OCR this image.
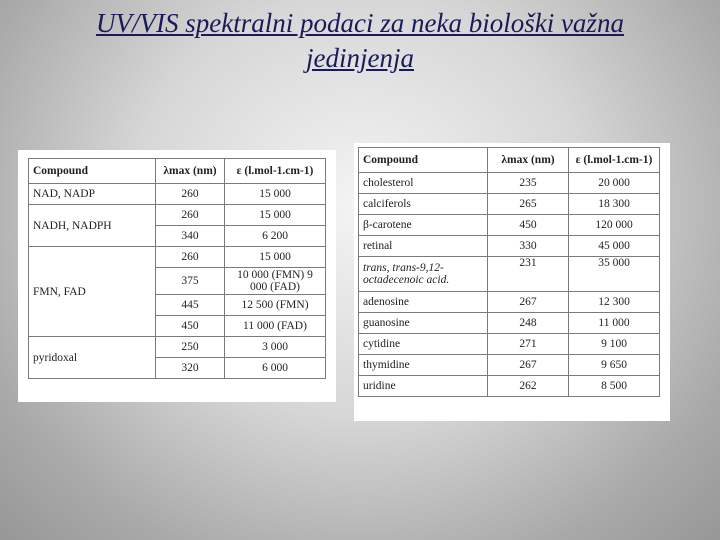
UV/VIS spektralni podaci za neka biološki važna jedinjenja
Compound	λmax (nm)	ε (l.mol-1.cm-1)
NAD, NADP	260	15 000
NADH, NADPH	260	15 000
	340	6 200
FMN, FAD	260	15 000
	375	10 000 (FMN) 9 000 (FAD)
	445	12 500 (FMN)
	450	11 000 (FAD)
pyridoxal	250	3 000
	320	6 000
Compound	λmax (nm)	ε (l.mol-1.cm-1)
cholesterol	235	20 000
calciferols	265	18 300
β-carotene	450	120 000
retinal	330	45 000
trans, trans-9,12-octadecenoic acid.	231	35 000
adenosine	267	12 300
guanosine	248	11 000
cytidine	271	9 100
thymidine	267	9 650
uridine	262	8 500
